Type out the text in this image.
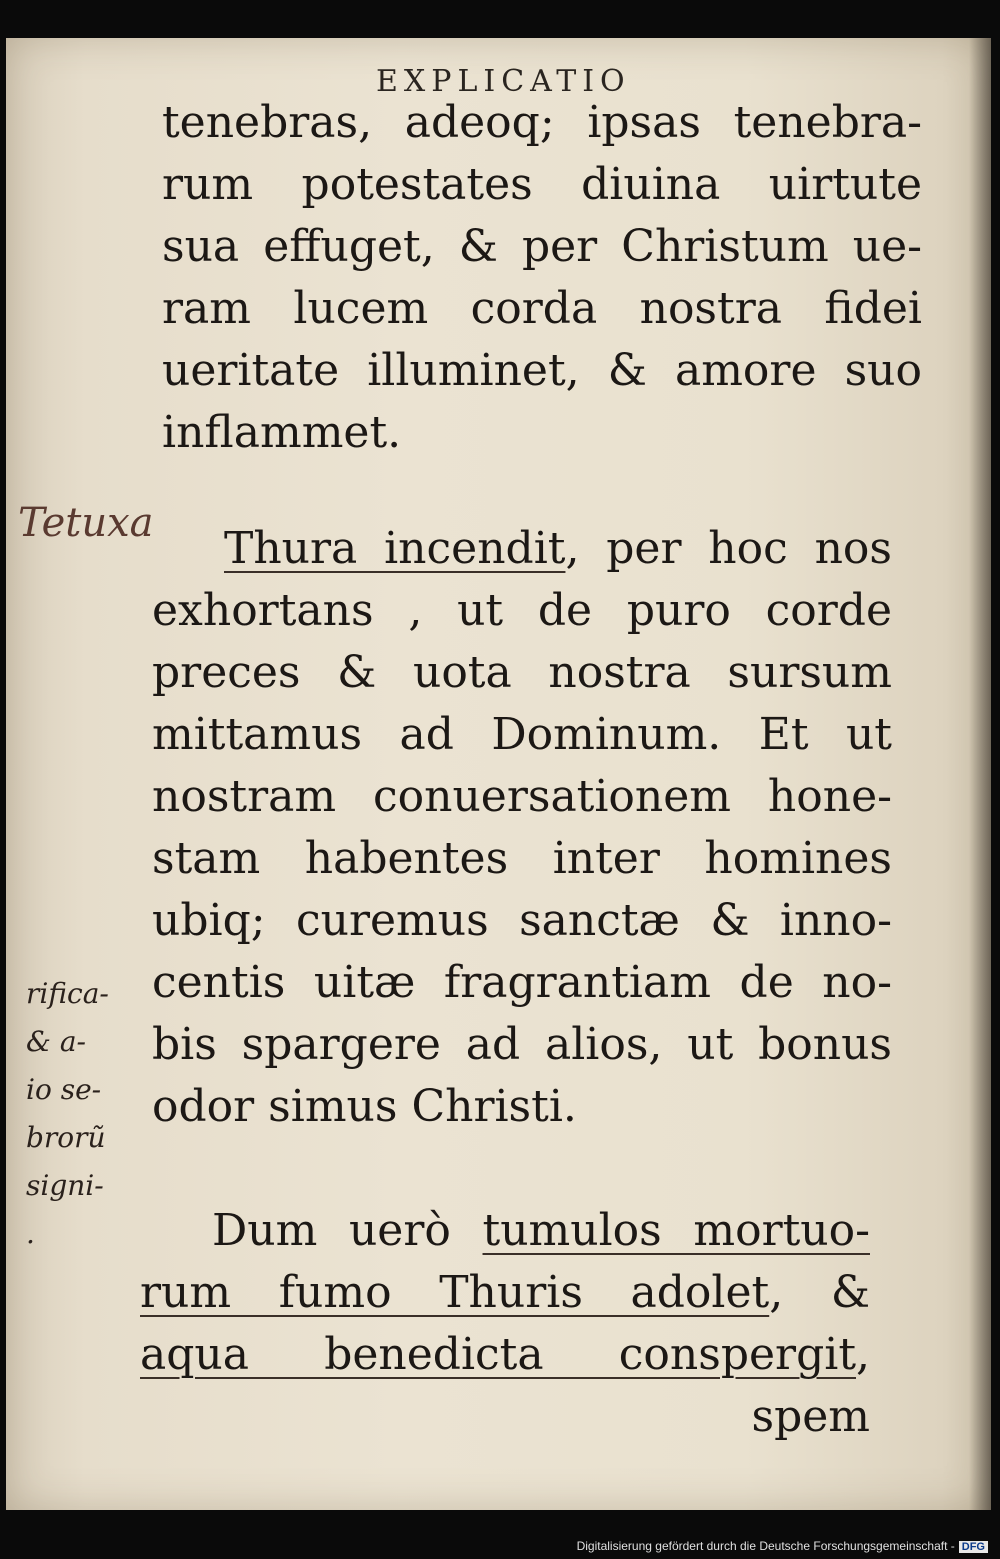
EXPLICATIO
tenebras, adeoq; ipsas tenebra-
rum potestates diuina uirtute
sua effuget, & per Christum ue-
ram lucem corda nostra fidei
ueritate illuminet, & amore suo
inflammet.
Tetuxa	Thura incendit, per hoc nos
exhortans , ut de puro corde
preces & uota nostra sursum
mittamus ad Dominum. Et ut
nostram conuersationem hone-
stam habentes inter homines
ubiq; curemus sanctæ & inno-
centis uitæ fragrantiam de no-
bis spargere ad alios, ut bonus
odor simus Christi.
rifica-
& a-
io se-
brorũ
signi-
.	Dum uerò tumulos mortuo-
rum fumo Thuris adolet, &
aqua benedicta conspergit,
spem
Digitalisierung gefördert durch die Deutsche Forschungsgemeinschaft - DFG
